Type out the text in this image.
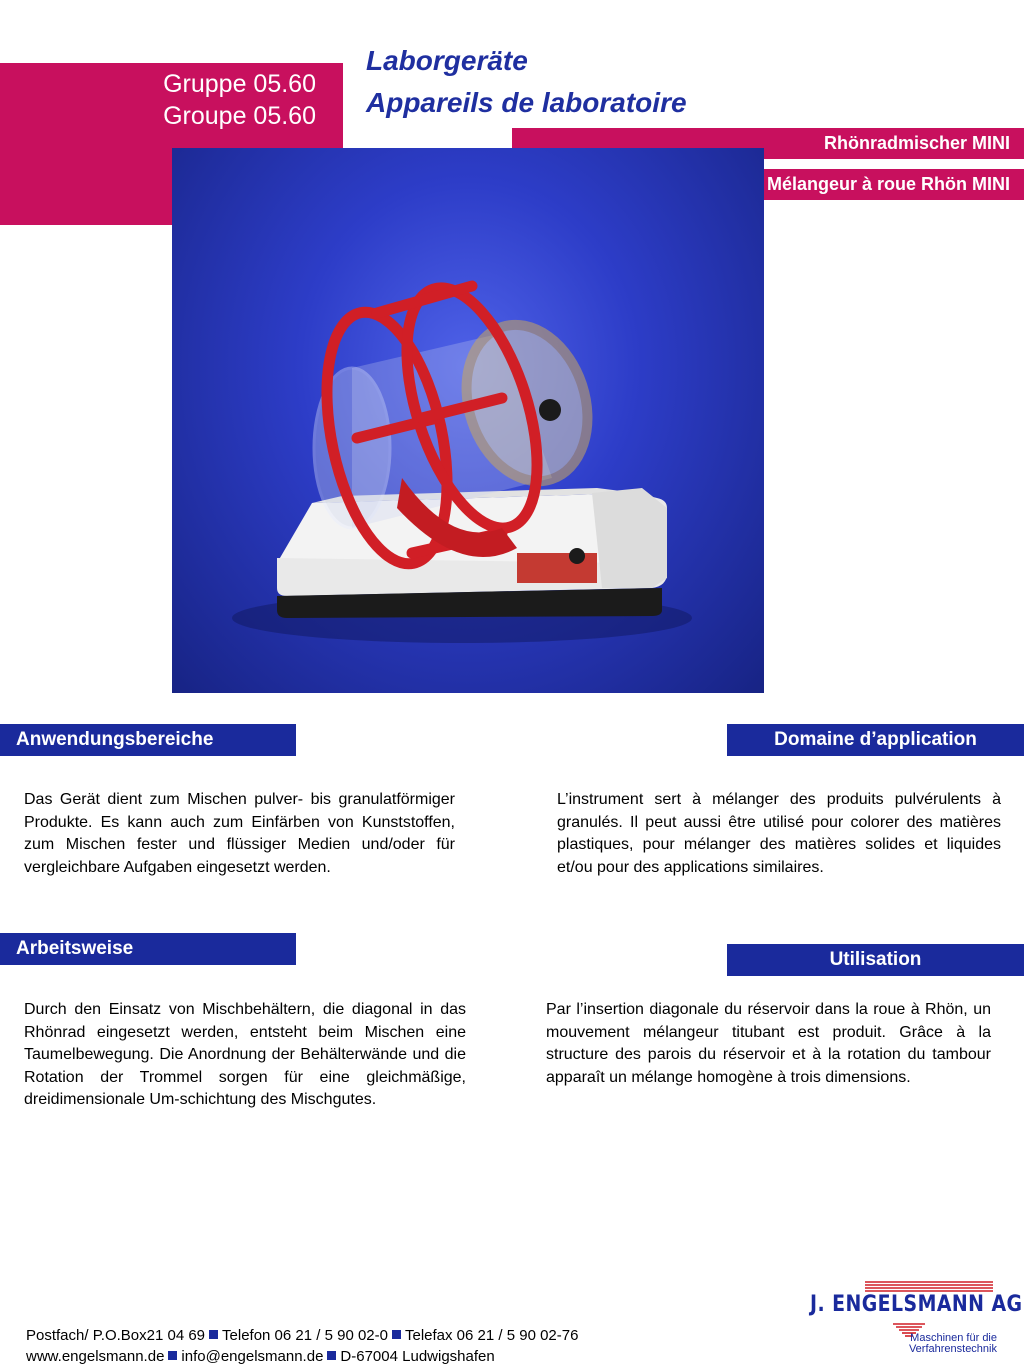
Gruppe 05.60
Groupe 05.60
Laborgeräte
Appareils de laboratoire
Rhönradmischer MINI
Mélangeur à roue Rhön MINI
Anwendungsbereiche	Domaine d’application
Arbeitsweise
Utilisation
Das Gerät dient zum Mischen pulver- bis granulatförmiger Produkte. Es kann auch zum Einfärben von Kunststoffen, zum Mischen fester und flüssiger Medien und/oder für vergleichbare Aufgaben eingesetzt werden.
L’instrument sert à mélanger des produits pulvérulents à granulés. Il peut aussi être utilisé pour colorer des matières plastiques, pour mélanger des matières solides et liquides et/ou pour des applications similaires.
Durch den Einsatz von Mischbehältern, die diagonal in das Rhönrad eingesetzt werden, entsteht beim Mischen eine Taumelbewegung. Die Anordnung der Behälterwände und die Rotation der Trommel sorgen für eine gleichmäßige, dreidimensionale Um-schichtung des Mischgutes.
Par l’insertion diagonale du réservoir dans la roue à Rhön, un mouvement mélangeur titubant est produit. Grâce à la structure des parois du réservoir et à la rotation du tambour apparaît un mélange homogène à trois dimensions.
Postfach/ P.O.Box21 04 69 Telefon 06 21 / 5 90 02-0 Telefax 06 21 / 5 90 02-76
www.engelsmann.de info@engelsmann.de D-67004 Ludwigshafen
J. ENGELSMANN AG
Maschinen für die
Verfahrenstechnik
